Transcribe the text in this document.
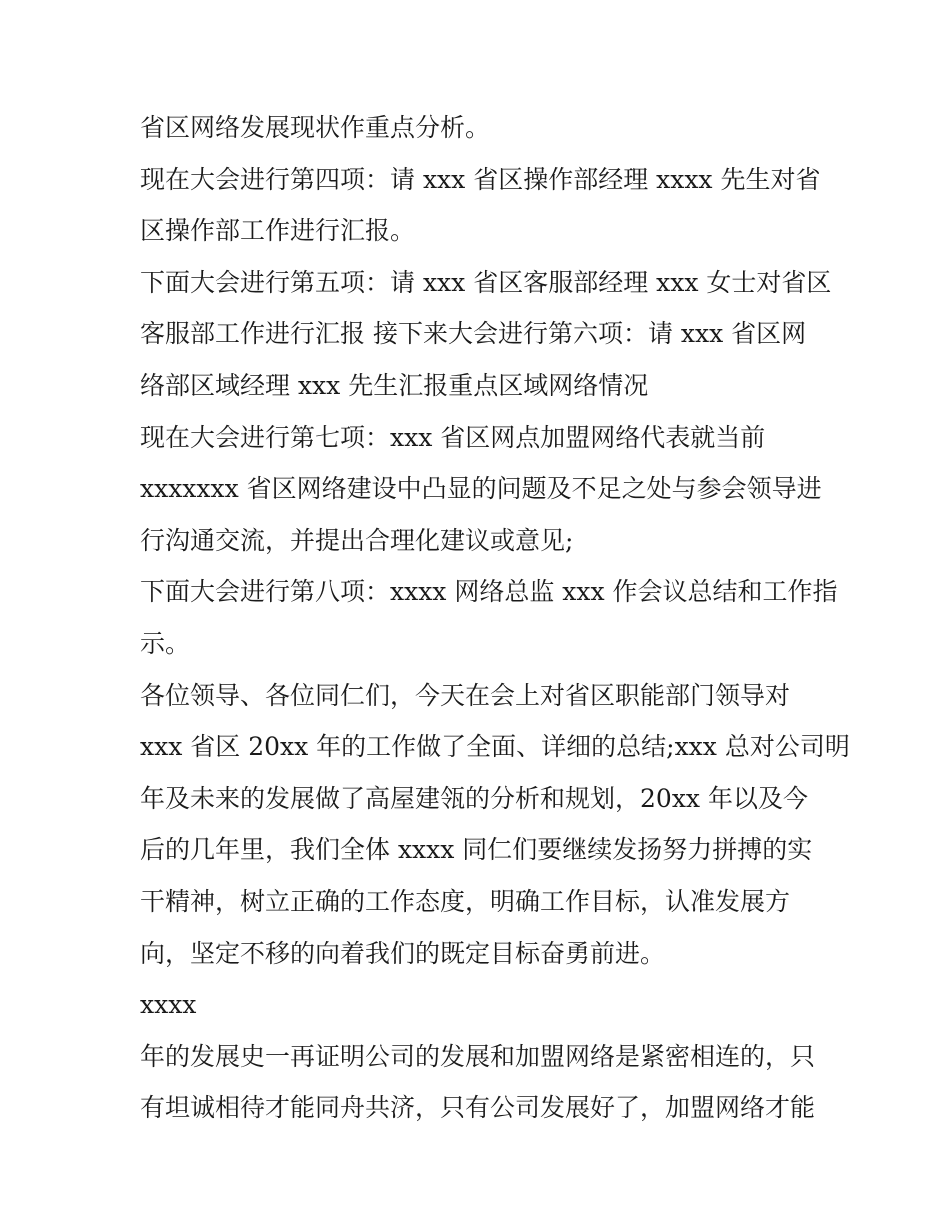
省区网络发展现状作重点分析。
现在大会进行第四项：请 xxx 省区操作部经理 xxxx 先生对省
区操作部工作进行汇报。
下面大会进行第五项：请 xxx 省区客服部经理 xxx 女士对省区
客服部工作进行汇报 接下来大会进行第六项：请 xxx 省区网
络部区域经理 xxx 先生汇报重点区域网络情况
现在大会进行第七项：xxx 省区网点加盟网络代表就当前
xxxxxxx 省区网络建设中凸显的问题及不足之处与参会领导进
行沟通交流，并提出合理化建议或意见;
下面大会进行第八项：xxxx 网络总监 xxx 作会议总结和工作指
示。
各位领导、各位同仁们，今天在会上对省区职能部门领导对
xxx 省区 20xx 年的工作做了全面、详细的总结;xxx 总对公司明
年及未来的发展做了高屋建瓴的分析和规划，20xx 年以及今
后的几年里，我们全体 xxxx 同仁们要继续发扬努力拼搏的实
干精神，树立正确的工作态度，明确工作目标，认准发展方
向，坚定不移的向着我们的既定目标奋勇前进。
xxxx
年的发展史一再证明公司的发展和加盟网络是紧密相连的，只
有坦诚相待才能同舟共济，只有公司发展好了，加盟网络才能
